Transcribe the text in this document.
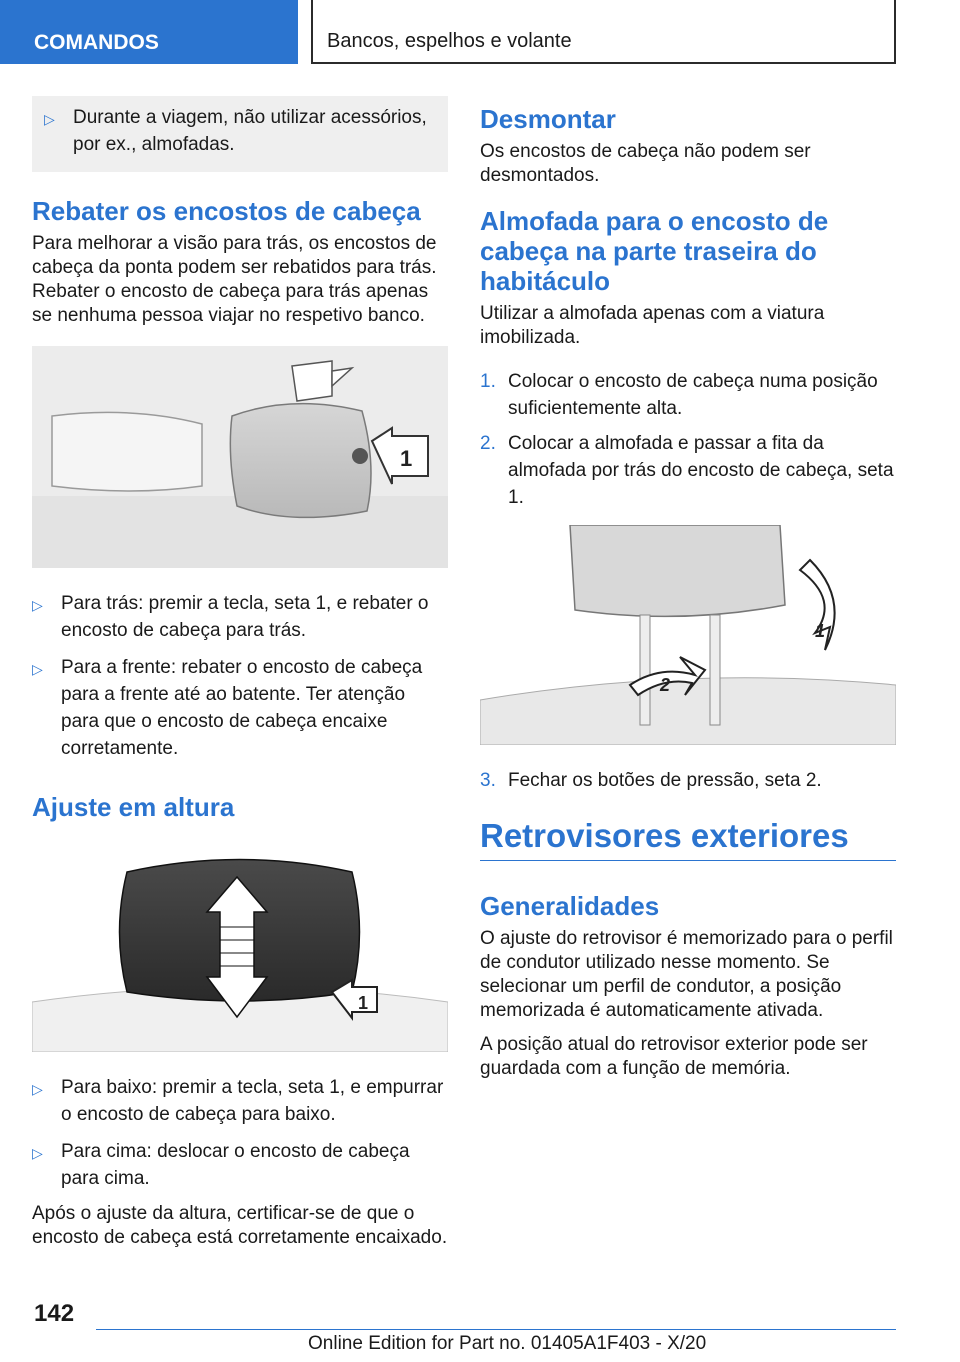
COMANDOS	Bancos, espelhos e volante
▷ Durante a viagem, não utilizar acessórios, por ex., almofadas.
Rebater os encostos de cabeça

Para melhorar a visão para trás, os encostos de cabeça da ponta podem ser rebatidos para trás. Rebater o encosto de cabeça para trás apenas se nenhuma pessoa viajar no respetivo banco.

1
▷ Para trás: premir a tecla, seta 1, e rebater o encosto de cabeça para trás.
▷ Para a frente: rebater o encosto de cabeça para a frente até ao batente. Ter atenção para que o encosto de cabeça encaixe corretamente.
Ajuste em altura
1
▷ Para baixo: premir a tecla, seta 1, e empurrar o encosto de cabeça para baixo.
▷ Para cima: deslocar o encosto de cabeça para cima.

Após o ajuste da altura, certificar-se de que o encosto de cabeça está corretamente encaixado.

Desmontar

Os encostos de cabeça não podem ser desmontados.

Almofada para o encosto de cabeça na parte traseira do habitáculo

Utilizar a almofada apenas com a viatura imobilizada.

1. Colocar o encosto de cabeça numa posição suficientemente alta.
2. Colocar a almofada e passar a fita da almofada por trás do encosto de cabeça, seta 1.
1
2
3. Fechar os botões de pressão, seta 2.
Retrovisores exteriores
Generalidades

O ajuste do retrovisor é memorizado para o perfil de condutor utilizado nesse momento. Se selecionar um perfil de condutor, a posição memorizada é automaticamente ativada.

A posição atual do retrovisor exterior pode ser guardada com a função de memória.

142
Online Edition for Part no. 01405A1F403 - X/20
